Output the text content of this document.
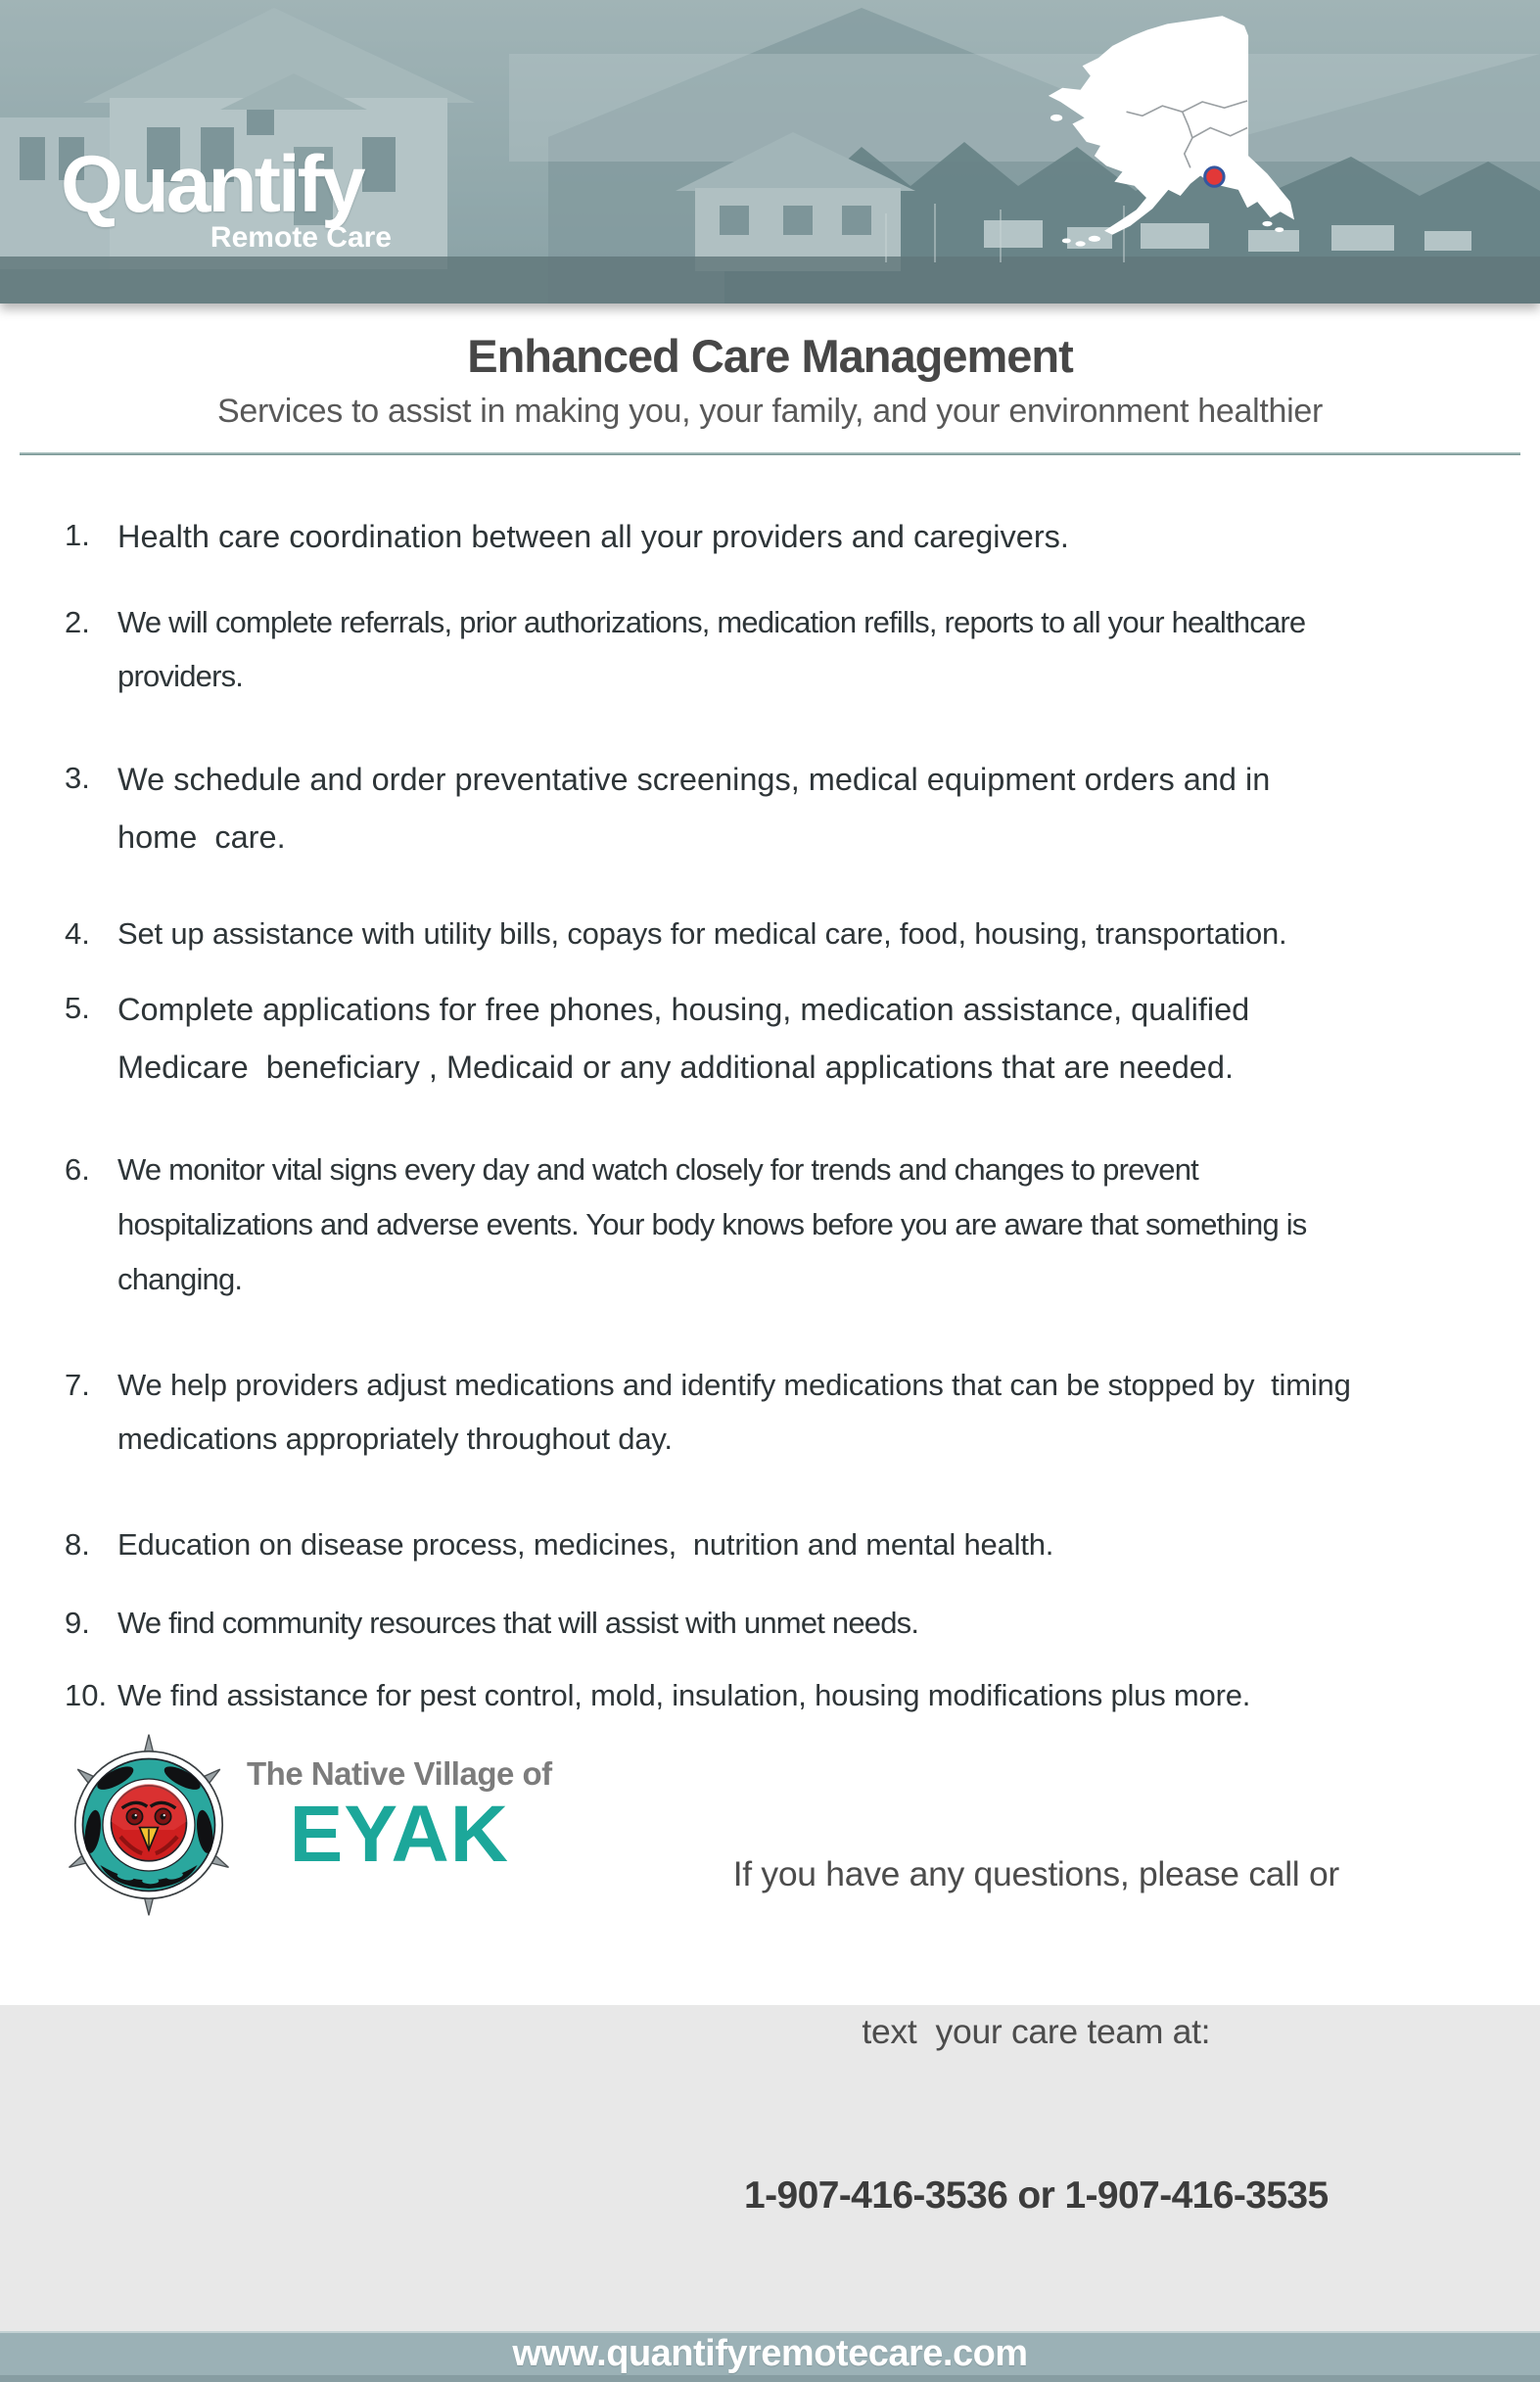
Quantify
Remote Care
Enhanced Care Management
Services to assist in making you, your family, and your environment healthier
1. Health care coordination between all your providers and caregivers.
2. We will complete referrals, prior authorizations, medication refills, reports to all your healthcare providers.
3. We schedule and order preventative screenings, medical equipment orders and in home  care.
4. Set up assistance with utility bills, copays for medical care, food, housing, transportation.
5. Complete applications for free phones, housing, medication assistance, qualified Medicare  beneficiary , Medicaid or any additional applications that are needed.
6. We monitor vital signs every day and watch closely for trends and changes to prevent hospitalizations and adverse events. Your body knows before you are aware that something is changing.
7. We help providers adjust medications and identify medications that can be stopped by  timing medications appropriately throughout day.
8. Education on disease process, medicines,  nutrition and mental health.
9. We find community resources that will assist with unmet needs.
10. We find assistance for pest control, mold, insulation, housing modifications plus more.
The Native Village of
EYAK

	If you have any questions, please call or

text  your care team at:

1-907-416-3536 or 1-907-416-3535

www.quantifyremotecare.com
